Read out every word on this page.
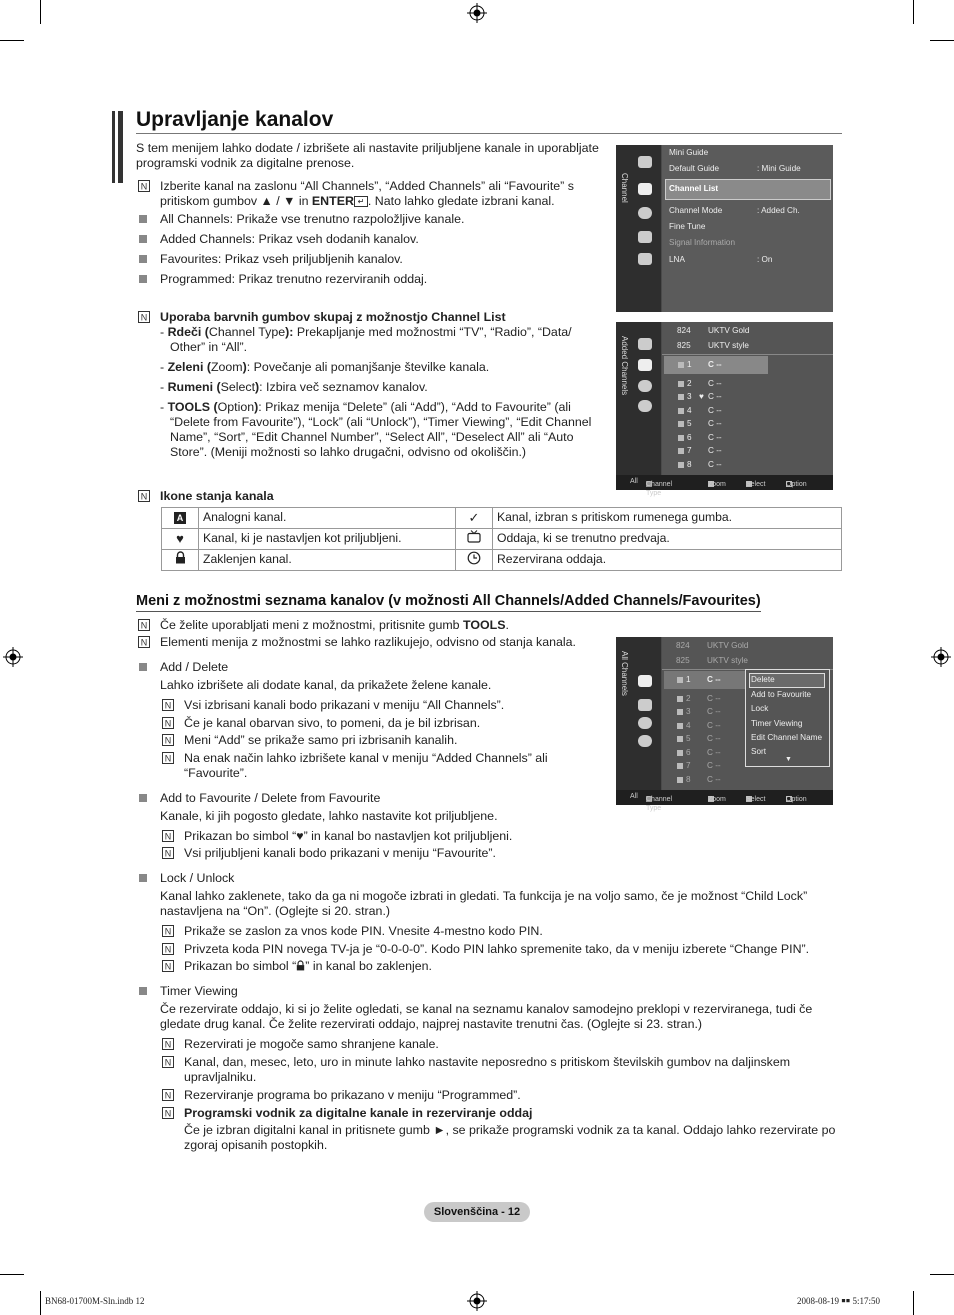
Upravljanje kanalov
S tem menijem lahko dodate / izbrišete ali nastavite priljubljene kanale in uporabljate programski vodnik za digitalne prenose.
N Izberite kanal na zaslonu “All Channels”, “Added Channels” ali “Favourite” s
pritiskom gumbov ▲ / ▼ in ENTER ↵ . Nato lahko gledate izbrani kanal.
All Channels: Prikaže vse trenutno razpoložljive kanale.
Added Channels: Prikaz vseh dodanih kanalov.
Favourites: Prikaz vseh priljubljenih kanalov.
Programmed: Prikaz trenutno rezerviranih oddaj.
N Uporaba barvnih gumbov skupaj z možnostjo Channel List
- Rdeči (Channel Type): Prekapljanje med možnostmi “TV”, “Radio”, “Data/
Other” in “All”.
- Zeleni (Zoom): Povečanje ali pomanjšanje številke kanala.
- Rumeni (Select): Izbira več seznamov kanalov.
- TOOLS (Option): Prikaz menija “Delete” (ali “Add”), “Add to Favourite” (ali
“Delete from Favourite”), “Lock” (ali “Unlock”), “Timer Viewing”, “Edit Channel
Name”, “Sort”, “Edit Channel Number”, “Select All”, “Deselect All” ali “Auto
Store”. (Meniji možnosti so lahko drugačni, odvisno od okoliščin.)
N Ikone stanja kanala
A	Analogni kanal.	✓	Kanal, izbran s pritiskom rumenega gumba.
♥	Kanal, ki je nastavljen kot priljubljeni.		Oddaja, ki se trenutno predvaja.
	Zaklenjen kanal.		Rezervirana oddaja.
Meni z možnostmi seznama kanalov (v možnosti All Channels/Added Channels/Favourites)
N Če želite uporabljati meni z možnostmi, pritisnite gumb TOOLS.
N Elementi menija z možnostmi se lahko razlikujejo, odvisno od stanja kanala.
Add / Delete
Lahko izbrišete ali dodate kanal, da prikažete želene kanale.
N Vsi izbrisani kanali bodo prikazani v meniju “All Channels”.
N Če je kanal obarvan sivo, to pomeni, da je bil izbrisan.
N Meni “Add” se prikaže samo pri izbrisanih kanalih.
N Na enak način lahko izbrišete kanal v meniju “Added Channels” ali
“Favourite”.
Add to Favourite / Delete from Favourite
Kanale, ki jih pogosto gledate, lahko nastavite kot priljubljene.
N Prikazan bo simbol “♥” in kanal bo nastavljen kot priljubljeni.
N Vsi priljubljeni kanali bodo prikazani v meniju “Favourite”.
Lock / Unlock
Kanal lahko zaklenete, tako da ga ni mogoče izbrati in gledati. Ta funkcija je na voljo samo, če je možnost “Child Lock”
nastavljena na “On”. (Oglejte si 20. stran.)
N Prikaže se zaslon za vnos kode PIN. Vnesite 4-mestno kodo PIN.
N Privzeta koda PIN novega TV-ja je “0-0-0-0”. Kodo PIN lahko spremenite tako, da v meniju izberete “Change PIN”.
N Prikazan bo simbol “ ” in kanal bo zaklenjen.
Timer Viewing
Če rezervirate oddajo, ki si jo želite ogledati, se kanal na seznamu kanalov samodejno preklopi v rezerviranega, tudi če
gledate drug kanal. Če želite rezervirati oddajo, najprej nastavite trenutni čas. (Oglejte si 23. stran.)
N Rezervirati je mogoče samo shranjene kanale.
N Kanal, dan, mesec, leto, uro in minute lahko nastavite neposredno s pritiskom številskih gumbov na daljinskem
upravljalniku.
N Rezerviranje programa bo prikazano v meniju “Programmed”.
N Programski vodnik za digitalne kanale in rezerviranje oddaj
Če je izbran digitalni kanal in pritisnete gumb ►, se prikaže programski vodnik za ta kanal. Oddajo lahko rezervirate po
zgoraj opisanih postopkih.
Channel
Mini Guide
Default Guide	: Mini Guide
Channel List
Channel Mode	: Added Ch.
Fine Tune
Signal Information
LNA	: On
Added Channels
824 UKTV Gold
825 UKTV style
1 C --
2 C --
3 ♥ C --
4 C --
5 C --
6 C --
7 C --
8 C --
All Channel Type
Zoom	Select	Option
All Channels
824 UKTV Gold
825 UKTV style
1 C --
2 C --
3 C --
4 C --
5 C --
6 C --
7 C --
8 C --
Delete
Add to Favourite
Lock
Timer Viewing
Edit Channel Name
Sort
▼
All Channel Type
Zoom	Select	Option
Slovenščina - 12
BN68-01700M-Sln.indb 12	2008-08-19 ￭￭ 5:17:50
